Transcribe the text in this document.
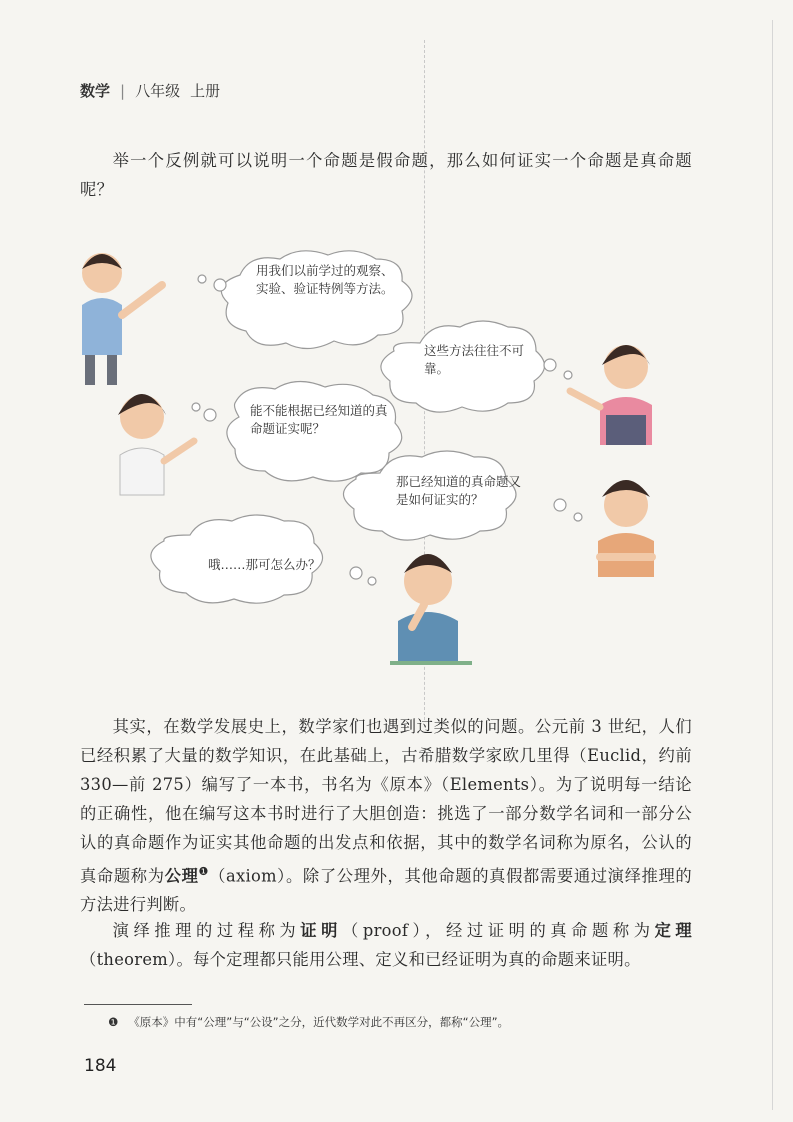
数学 | 八年级 上册
举一个反例就可以说明一个命题是假命题，那么如何证实一个命题是真命题呢？
用我们以前学过的观察、实验、验证特例等方法。
这些方法往往不可靠。
能不能根据已经知道的真命题证实呢？
那已经知道的真命题又是如何证实的？
哦……那可怎么办？
其实，在数学发展史上，数学家们也遇到过类似的问题。公元前 3 世纪，人们已经积累了大量的数学知识，在此基础上，古希腊数学家欧几里得（Euclid，约前 330—前 275）编写了一本书，书名为《原本》（Elements）。为了说明每一结论的正确性，他在编写这本书时进行了大胆创造：挑选了一部分数学名词和一部分公认的真命题作为证实其他命题的出发点和依据，其中的数学名词称为原名，公认的真命题称为公理$^❶$（axiom）。除了公理外，其他命题的真假都需要通过演绎推理的方法进行判断。
演绎推理的过程称为证明（proof），经过证明的真命题称为定理（theorem）。每个定理都只能用公理、定义和已经证明为真的命题来证明。
❶ 《原本》中有“公理”与“公设”之分，近代数学对此不再区分，都称“公理”。
184
